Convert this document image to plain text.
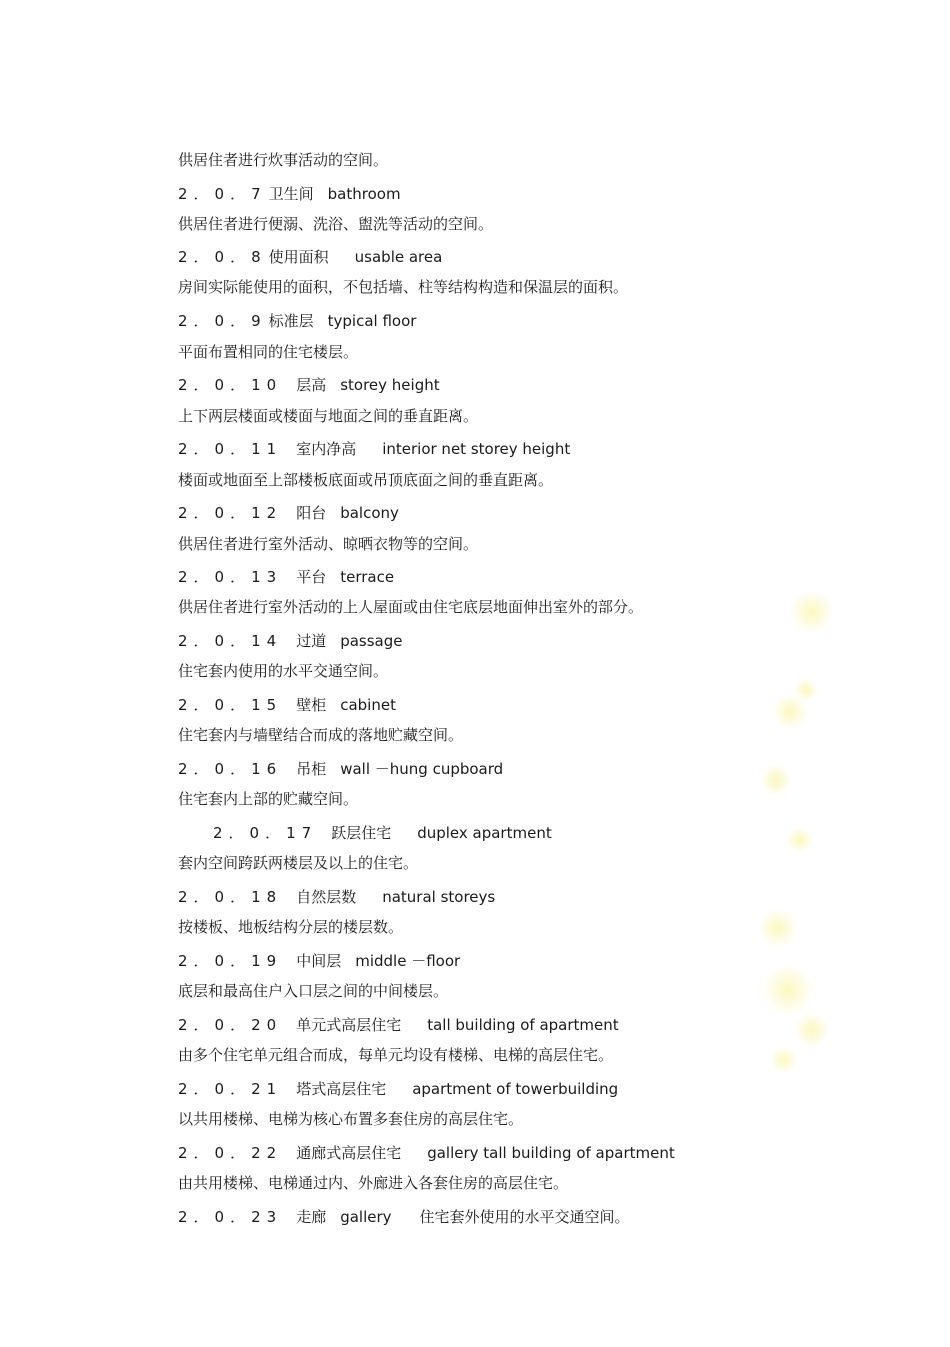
供居住者进行炊事活动的空间。
2．0．7 卫生间 bathroom
供居住者进行便溺、洗浴、盥洗等活动的空间。
2．0．8 使用面积 usable area
房间实际能使用的面积，不包括墙、柱等结构构造和保温层的面积。
2．0．9 标准层 typical floor
平面布置相同的住宅楼层。
2．0．10 层高 storey height
上下两层楼面或楼面与地面之间的垂直距离。
2．0．11 室内净高 interior net storey height
楼面或地面至上部楼板底面或吊顶底面之间的垂直距离。
2．0．12 阳台 balcony
供居住者进行室外活动、晾晒衣物等的空间。
2．0．13 平台 terrace
供居住者进行室外活动的上人屋面或由住宅底层地面伸出室外的部分。
2．0．14 过道 passage
住宅套内使用的水平交通空间。
2．0．15 壁柜 cabinet
住宅套内与墙壁结合而成的落地贮藏空间。
2．0．16 吊柜 wall －hung cupboard
住宅套内上部的贮藏空间。
2．0．17 跃层住宅 duplex apartment
套内空间跨跃两楼层及以上的住宅。
2．0．18 自然层数 natural storeys
按楼板、地板结构分层的楼层数。
2．0．19 中间层 middle －floor
底层和最高住户入口层之间的中间楼层。
2．0．20 单元式高层住宅 tall building of apartment
由多个住宅单元组合而成，每单元均设有楼梯、电梯的高层住宅。
2．0．21 塔式高层住宅 apartment of towerbuilding
以共用楼梯、电梯为核心布置多套住房的高层住宅。
2．0．22 通廊式高层住宅 gallery tall building of apartment
由共用楼梯、电梯通过内、外廊进入各套住房的高层住宅。
2．0．23 走廊 gallery 住宅套外使用的水平交通空间。
